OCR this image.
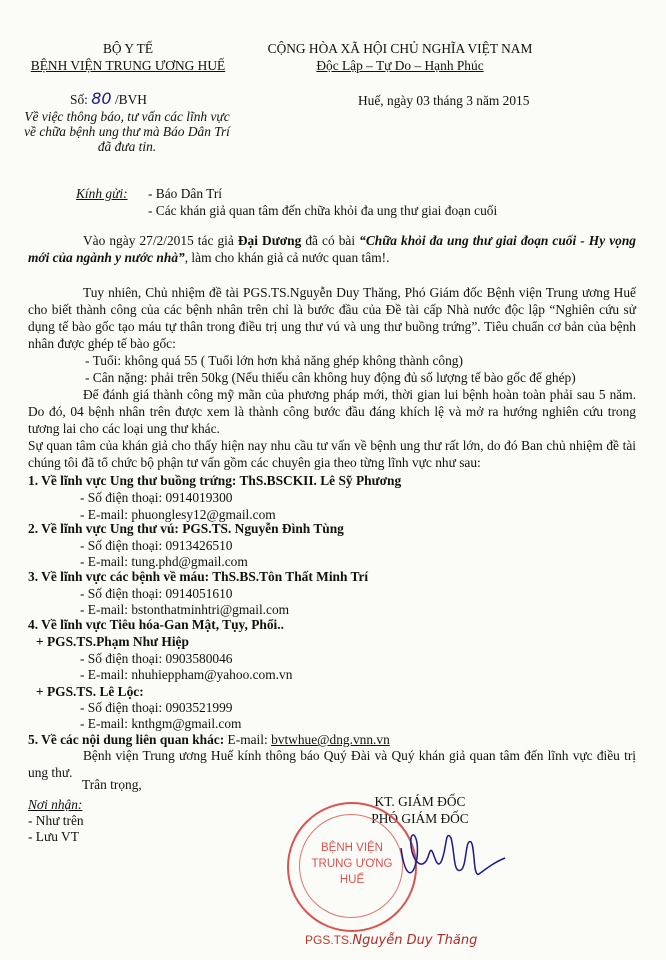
BỘ Y TẾ
BỆNH VIỆN TRUNG ƯƠNG HUẾ
CỘNG HÒA XÃ HỘI CHỦ NGHĨA VIỆT NAM
Độc Lập – Tự Do – Hạnh Phúc
Số: 80 /BVH	Huế, ngày 03 tháng 3 năm 2015
Về việc thông báo, tư vấn các lĩnh vực
về chữa bệnh ung thư mà Báo Dân Trí
đã đưa tin.
Kính gửi: - Báo Dân Trí
- Các khán giả quan tâm đến chữa khỏi đa ung thư giai đoạn cuối
Vào ngày 27/2/2015 tác giả Đại Dương đã có bài “Chữa khỏi đa ung thư giai đoạn cuối - Hy vọng mới của ngành y nước nhà”, làm cho khán giả cả nước quan tâm!.
Tuy nhiên, Chủ nhiệm đề tài PGS.TS.Nguyễn Duy Thăng, Phó Giám đốc Bệnh viện Trung ương Huế cho biết thành công của các bệnh nhân trên chỉ là bước đầu của Đề tài cấp Nhà nước độc lập “Nghiên cứu sử dụng tế bào gốc tạo máu tự thân trong điều trị ung thư vú và ung thư buồng trứng”. Tiêu chuẩn cơ bản của bệnh nhân được ghép tế bào gốc:
- Tuổi: không quá 55 ( Tuổi lớn hơn khả năng ghép không thành công)
- Cân nặng: phải trên 50kg (Nếu thiếu cân không huy động đủ số lượng tế bào gốc để ghép)
Để đánh giá thành công mỹ mãn của phương pháp mới, thời gian lui bệnh hoàn toàn phải sau 5 năm. Do đó, 04 bệnh nhân trên được xem là thành công bước đầu đáng khích lệ và mở ra hướng nghiên cứu trong tương lai cho các loại ung thư khác.
Sự quan tâm của khán giả cho thấy hiện nay nhu cầu tư vấn về bệnh ung thư rất lớn, do đó Ban chủ nhiệm đề tài chúng tôi đã tổ chức bộ phận tư vấn gồm các chuyên gia theo từng lĩnh vực như sau:
1. Về lĩnh vực Ung thư buồng trứng: ThS.BSCKII. Lê Sỹ Phương
- Số điện thoại: 0914019300
- E-mail: phuonglesy12@gmail.com
2. Về lĩnh vực Ung thư vú: PGS.TS. Nguyễn Đình Tùng
- Số điện thoại: 0913426510
- E-mail: tung.phd@gmail.com
3. Về lĩnh vực các bệnh về máu: ThS.BS.Tôn Thất Minh Trí
- Số điện thoại: 0914051610
- E-mail: bstonthatminhtri@gmail.com
4. Về lĩnh vực Tiêu hóa-Gan Mật, Tụy, Phổi..
+ PGS.TS.Phạm Như Hiệp
- Số điện thoại: 0903580046
- E-mail: nhuhieppham@yahoo.com.vn
+ PGS.TS. Lê Lộc:
- Số điện thoại: 0903521999
- E-mail: knthgm@gmail.com
5. Về các nội dung liên quan khác: E-mail: bvtwhue@dng.vnn.vn
Bệnh viện Trung ương Huế kính thông báo Quý Đài và Quý khán giả quan tâm đến lĩnh vực điều trị ung thư.
Trân trọng,
Nơi nhận:
- Như trên
- Lưu VT
KT. GIÁM ĐỐC
PHÓ GIÁM ĐỐC
BỆNH VIỆN
TRUNG ƯƠNG
HUẾ
PGS.TS.Nguyễn Duy Thăng
